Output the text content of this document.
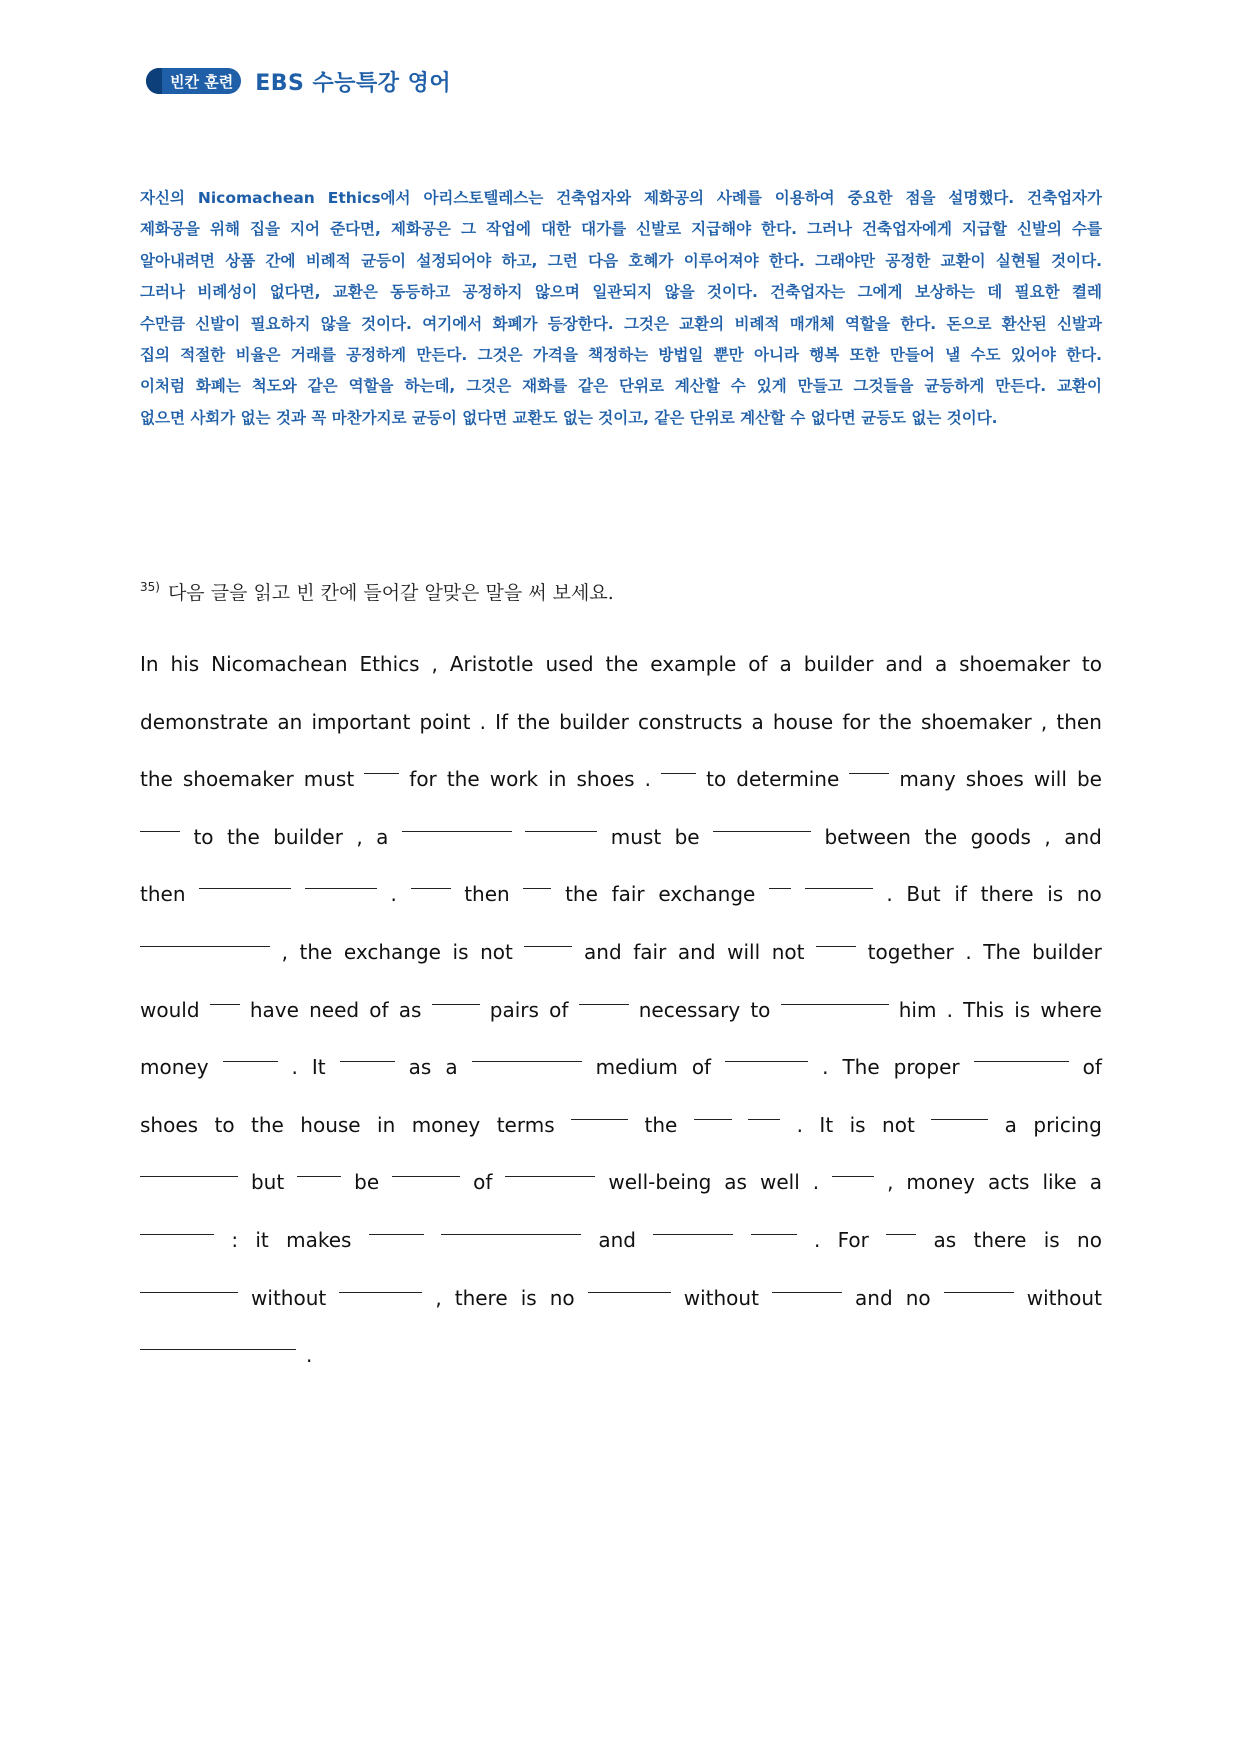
빈칸 훈련 EBS 수능특강 영어

자신의 Nicomachean Ethics에서 아리스토텔레스는 건축업자와 제화공의 사례를 이용하여 중요한 점을 설명했다. 건축업자가

제화공을 위해 집을 지어 준다면, 제화공은 그 작업에 대한 대가를 신발로 지급해야 한다. 그러나 건축업자에게 지급할 신발의 수를

알아내려면 상품 간에 비례적 균등이 설정되어야 하고, 그런 다음 호혜가 이루어져야 한다. 그래야만 공정한 교환이 실현될 것이다.

그러나 비례성이 없다면, 교환은 동등하고 공정하지 않으며 일관되지 않을 것이다. 건축업자는 그에게 보상하는 데 필요한 켤레

수만큼 신발이 필요하지 않을 것이다. 여기에서 화폐가 등장한다. 그것은 교환의 비례적 매개체 역할을 한다. 돈으로 환산된 신발과

집의 적절한 비율은 거래를 공정하게 만든다. 그것은 가격을 책정하는 방법일 뿐만 아니라 행복 또한 만들어 낼 수도 있어야 한다.

이처럼 화폐는 척도와 같은 역할을 하는데, 그것은 재화를 같은 단위로 계산할 수 있게 만들고 그것들을 균등하게 만든다. 교환이

없으면 사회가 없는 것과 꼭 마찬가지로 균등이 없다면 교환도 없는 것이고, 같은 단위로 계산할 수 없다면 균등도 없는 것이다.

35) 다음 글을 읽고 빈 칸에 들어갈 알맞은 말을 써 보세요.
In his Nicomachean Ethics , Aristotle used the example of a builder and a shoemaker to
demonstrate an important point . If the builder constructs a house for the shoemaker , then
the shoemaker must	for the work in shoes .	to determine	many shoes will be
to the builder , a	must be	between the goods , and
then	.	then	the fair exchange	. But if there is no
, the exchange is not	and fair and will not	together . The builder
would	have need of as	pairs of	necessary to	him . This is where
money	. It	as a	medium of	. The proper	of
shoes to the house in money terms	the	. It is not	a pricing
but	be	of	well-being as well .	, money acts like a
: it makes	and	. For	as there is no
without	, there is no	without	and no	without
.
